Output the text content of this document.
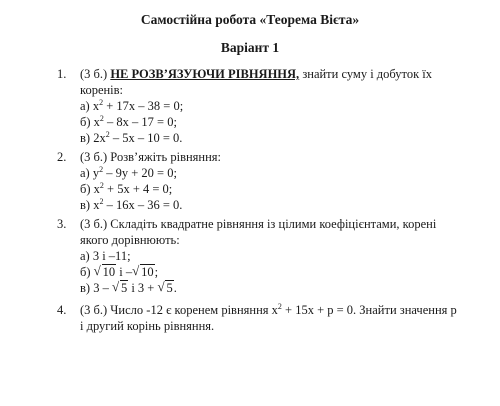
Самостійна робота «Теорема Вієта»
Варіант 1
1.	(3 б.) НЕ РОЗВ’ЯЗУЮЧИ РІВНЯННЯ, знайти суму і добуток їх
коренів:
а) $x^2 + 17x - 38 = 0$;
б) $x^2 - 8x - 17 = 0$;
в) $2x^2 - 5x - 10 = 0$.
2.	(3 б.) Розв’яжіть рівняння:
а) $y^2 - 9y + 20 = 0$;
б) $x^2 + 5x + 4 = 0$;
в) $x^2 - 16x - 36 = 0$.
3.	(3 б.) Складіть квадратне рівняння із цілими коефіцієнтами, корені
якого дорівнюють:
а) 3 і –11;
б) √ 10 і – √ 10;
в) 3 – √ 5 і 3 + √ 5.
4.	(3 б.) Число -12 є коренем рівняння $x^2 + 15x + p = 0$. Знайти значення p
і другий корінь рівняння.
